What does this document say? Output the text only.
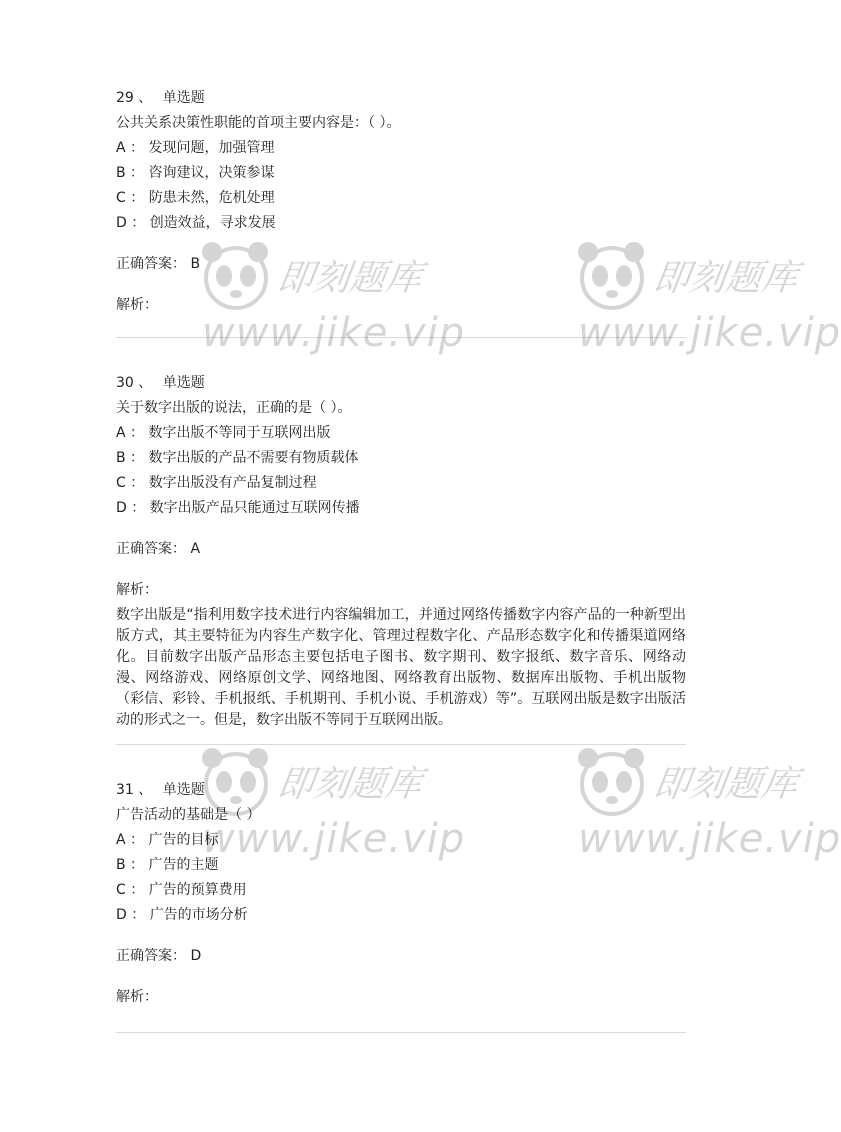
29 、 单选题
公共关系决策性职能的首项主要内容是：（ ）。
A ： 发现问题，加强管理
B ： 咨询建议，决策参谋
C ： 防患未然，危机处理
D ： 创造效益，寻求发展
正确答案： B
解析：
30 、 单选题
关于数字出版的说法，正确的是（ ）。
A ： 数字出版不等同于互联网出版
B ： 数字出版的产品不需要有物质载体
C ： 数字出版没有产品复制过程
D ： 数字出版产品只能通过互联网传播
正确答案： A
解析：
数字出版是“指利用数字技术进行内容编辑加工，并通过网络传播数字内容产品的一种新型出版方式，其主要特征为内容生产数字化、管理过程数字化、产品形态数字化和传播渠道网络化。目前数字出版产品形态主要包括电子图书、数字期刊、数字报纸、数字音乐、网络动漫、网络游戏、网络原创文学、网络地图、网络教育出版物、数据库出版物、手机出版物（彩信、彩铃、手机报纸、手机期刊、手机小说、手机游戏）等”。互联网出版是数字出版活动的形式之一。但是，数字出版不等同于互联网出版。
31 、 单选题
广告活动的基础是（ ）
A ： 广告的目标
B ： 广告的主题
C ： 广告的预算费用
D ： 广告的市场分析
正确答案： D
解析：
即刻题库
www.jike.vip
即刻题库
www.jike.vip
即刻题库
www.jike.vip
即刻题库
www.jike.vip
